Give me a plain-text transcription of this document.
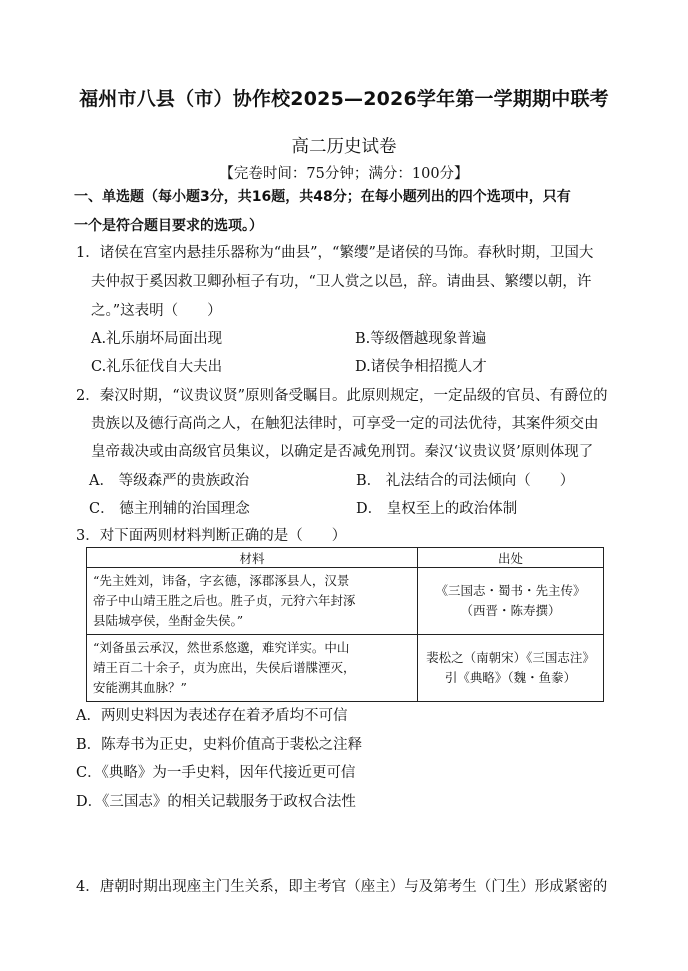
福州市八县（市）协作校2025—2026学年第一学期期中联考
高二历史试卷
【完卷时间：75分钟；满分：100分】
一、单选题（每小题3分，共16题，共48分；在每小题列出的四个选项中，只有
一个是符合题目要求的选项。）
1．诸侯在宫室内悬挂乐器称为“曲县”，“繁缨”是诸侯的马饰。春秋时期，卫国大
夫仲叔于奚因救卫卿孙桓子有功，“卫人赏之以邑，辞。请曲县、繁缨以朝，许
之。”这表明（　　）
A.礼乐崩坏局面出现	B.等级僭越现象普遍
C.礼乐征伐自大夫出	D.诸侯争相招揽人才
2．秦汉时期，“议贵议贤”原则备受瞩目。此原则规定，一定品级的官员、有爵位的
贵族以及德行高尚之人，在触犯法律时，可享受一定的司法优待，其案件须交由
皇帝裁决或由高级官员集议，以确定是否减免刑罚。秦汉‘议贵议贤’原则体现了
A． 等级森严的贵族政治	B． 礼法结合的司法倾向（　　）
C． 德主刑辅的治国理念	D． 皇权至上的政治体制
3．对下面两则材料判断正确的是（　　）
材料	出处

“先主姓刘，讳备，字玄德，涿郡涿县人，汉景
帝子中山靖王胜之后也。胜子贞，元狩六年封涿
县陆城亭侯，坐酎金失侯。”	《三国志・蜀书・先主传》
（西晋・陈寿撰）

“刘备虽云承汉，然世系悠邈，难究详实。中山
靖王百二十余子，贞为庶出，失侯后谱牒湮灭，
安能溯其血脉？”	裴松之（南朝宋）《三国志注》
引《典略》（魏・鱼豢）
A．两则史料因为表述存在着矛盾均不可信
B．陈寿书为正史，史料价值高于裴松之注释
C．《典略》为一手史料，因年代接近更可信
D．《三国志》的相关记载服务于政权合法性
4．唐朝时期出现座主门生关系，即主考官（座主）与及第考生（门生）形成紧密的
